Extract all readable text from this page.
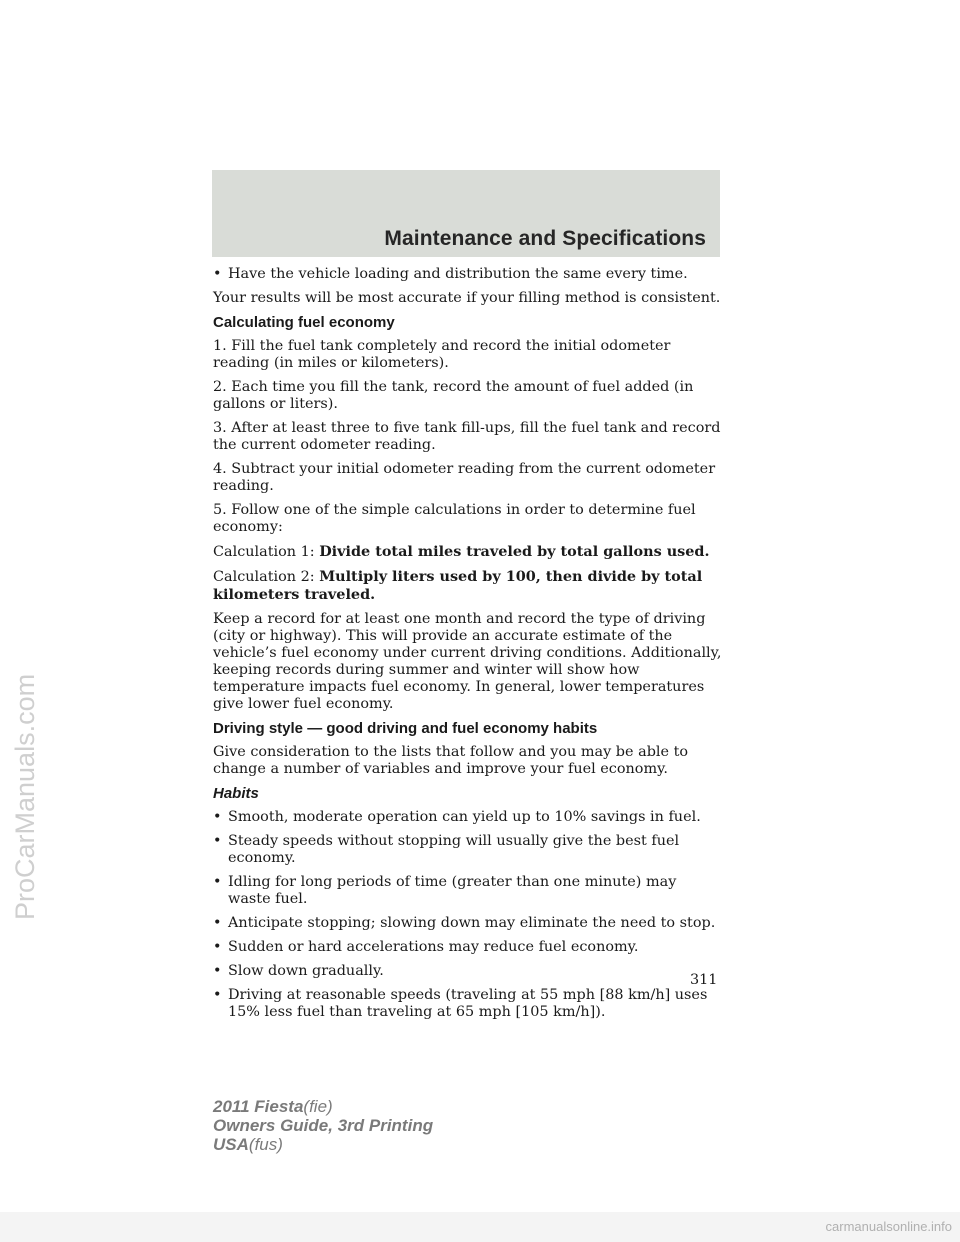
Maintenance and Specifications
ProCarManuals.com
• Have the vehicle loading and distribution the same every time.

Your results will be most accurate if your filling method is consistent.

Calculating fuel economy

1. Fill the fuel tank completely and record the initial odometer reading (in miles or kilometers).

2. Each time you fill the tank, record the amount of fuel added (in gallons or liters).

3. After at least three to five tank fill-ups, fill the fuel tank and record the current odometer reading.

4. Subtract your initial odometer reading from the current odometer reading.

5. Follow one of the simple calculations in order to determine fuel economy:

Calculation 1: Divide total miles traveled by total gallons used.

Calculation 2: Multiply liters used by 100, then divide by total kilometers traveled.

Keep a record for at least one month and record the type of driving (city or highway). This will provide an accurate estimate of the vehicle’s fuel economy under current driving conditions. Additionally, keeping records during summer and winter will show how temperature impacts fuel economy. In general, lower temperatures give lower fuel economy.

Driving style — good driving and fuel economy habits

Give consideration to the lists that follow and you may be able to change a number of variables and improve your fuel economy.

Habits
• Smooth, moderate operation can yield up to 10% savings in fuel.
• Steady speeds without stopping will usually give the best fuel economy.
• Idling for long periods of time (greater than one minute) may waste fuel.
• Anticipate stopping; slowing down may eliminate the need to stop.
• Sudden or hard accelerations may reduce fuel economy.
• Slow down gradually.
• Driving at reasonable speeds (traveling at 55 mph [88 km/h] uses 15% less fuel than traveling at 65 mph [105 km/h]).
311
2011 Fiesta(fie)
Owners Guide, 3rd Printing
USA(fus)
carmanualsonline.info
